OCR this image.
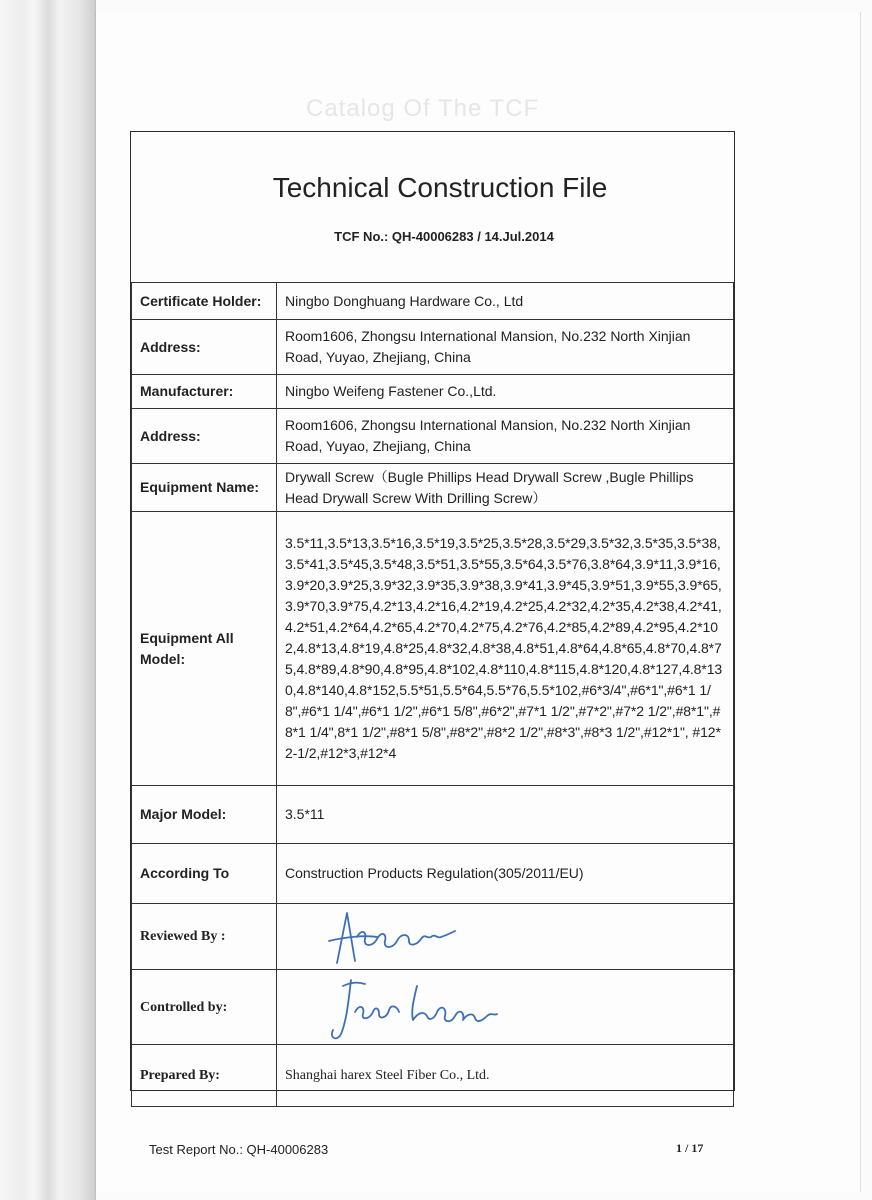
Catalog Of The TCF
Technical Construction File
TCF No.: QH-40006283 / 14.Jul.2014
Certificate Holder:	Ningbo Donghuang Hardware Co., Ltd
Address:	Room1606, Zhongsu International Mansion, No.232 North Xinjian Road, Yuyao, Zhejiang, China
Manufacturer:	Ningbo Weifeng Fastener Co.,Ltd.
Address:	Room1606, Zhongsu International Mansion, No.232 North Xinjian Road, Yuyao, Zhejiang, China
Equipment Name:	Drywall Screw（Bugle Phillips Head Drywall Screw ,Bugle Phillips Head Drywall Screw With Drilling Screw）
Equipment All Model:	3.5*11,3.5*13,3.5*16,3.5*19,3.5*25,3.5*28,3.5*29,3.5*32,3.5*35,3.5*38,3.5*41,3.5*45,3.5*48,3.5*51,3.5*55,3.5*64,3.5*76,3.8*64,3.9*11,3.9*16,3.9*20,3.9*25,3.9*32,3.9*35,3.9*38,3.9*41,3.9*45,3.9*51,3.9*55,3.9*65,3.9*70,3.9*75,4.2*13,4.2*16,4.2*19,4.2*25,4.2*32,4.2*35,4.2*38,4.2*41,4.2*51,4.2*64,4.2*65,4.2*70,4.2*75,4.2*76,4.2*85,4.2*89,4.2*95,4.2*102,4.8*13,4.8*19,4.8*25,4.8*32,4.8*38,4.8*51,4.8*64,4.8*65,4.8*70,4.8*75,4.8*89,4.8*90,4.8*95,4.8*102,4.8*110,4.8*115,4.8*120,4.8*127,4.8*130,4.8*140,4.8*152,5.5*51,5.5*64,5.5*76,5.5*102,#6*3/4",#6*1",#6*1 1/8",#6*1 1/4",#6*1 1/2",#6*1 5/8",#6*2",#7*1 1/2",#7*2",#7*2 1/2",#8*1",#8*1 1/4",8*1 1/2",#8*1 5/8",#8*2",#8*2 1/2",#8*3",#8*3 1/2",#12*1", #12*2-1/2,#12*3,#12*4
Major Model:	3.5*11
According To	Construction Products Regulation(305/2011/EU)
Reviewed By :	

Controlled by:	

Prepared By:	Shanghai harex Steel Fiber Co., Ltd.
Test Report No.: QH-40006283	1 / 17
